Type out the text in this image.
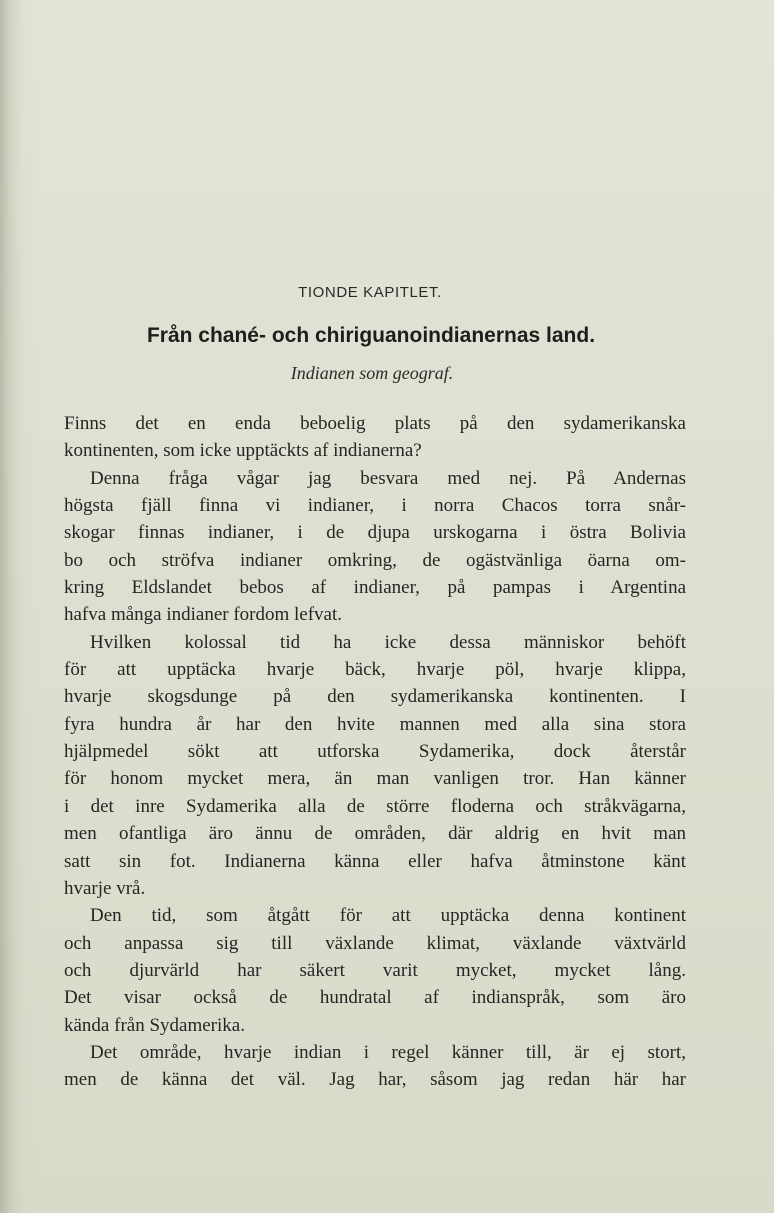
TIONDE KAPITLET.
Från chané- och chiriguanoindianernas land.
Indianen som geograf.
Finns det en enda beboelig plats på den sydamerikanska
kontinenten, som icke upptäckts af indianerna?
Denna fråga vågar jag besvara med nej. På Andernas
högsta fjäll finna vi indianer, i norra Chacos torra snår-
skogar finnas indianer, i de djupa urskogarna i östra Bolivia
bo och ströfva indianer omkring, de ogästvänliga öarna om-
kring Eldslandet bebos af indianer, på pampas i Argentina
hafva många indianer fordom lefvat.
Hvilken kolossal tid ha icke dessa människor behöft
för att upptäcka hvarje bäck, hvarje pöl, hvarje klippa,
hvarje skogsdunge på den sydamerikanska kontinenten. I
fyra hundra år har den hvite mannen med alla sina stora
hjälpmedel sökt att utforska Sydamerika, dock återstår
för honom mycket mera, än man vanligen tror. Han känner
i det inre Sydamerika alla de större floderna och stråkvägarna,
men ofantliga äro ännu de områden, där aldrig en hvit man
satt sin fot. Indianerna känna eller hafva åtminstone känt
hvarje vrå.
Den tid, som åtgått för att upptäcka denna kontinent
och anpassa sig till växlande klimat, växlande växtvärld
och djurvärld har säkert varit mycket, mycket lång.
Det visar också de hundratal af indianspråk, som äro
kända från Sydamerika.
Det område, hvarje indian i regel känner till, är ej stort,
men de känna det väl. Jag har, såsom jag redan här har
